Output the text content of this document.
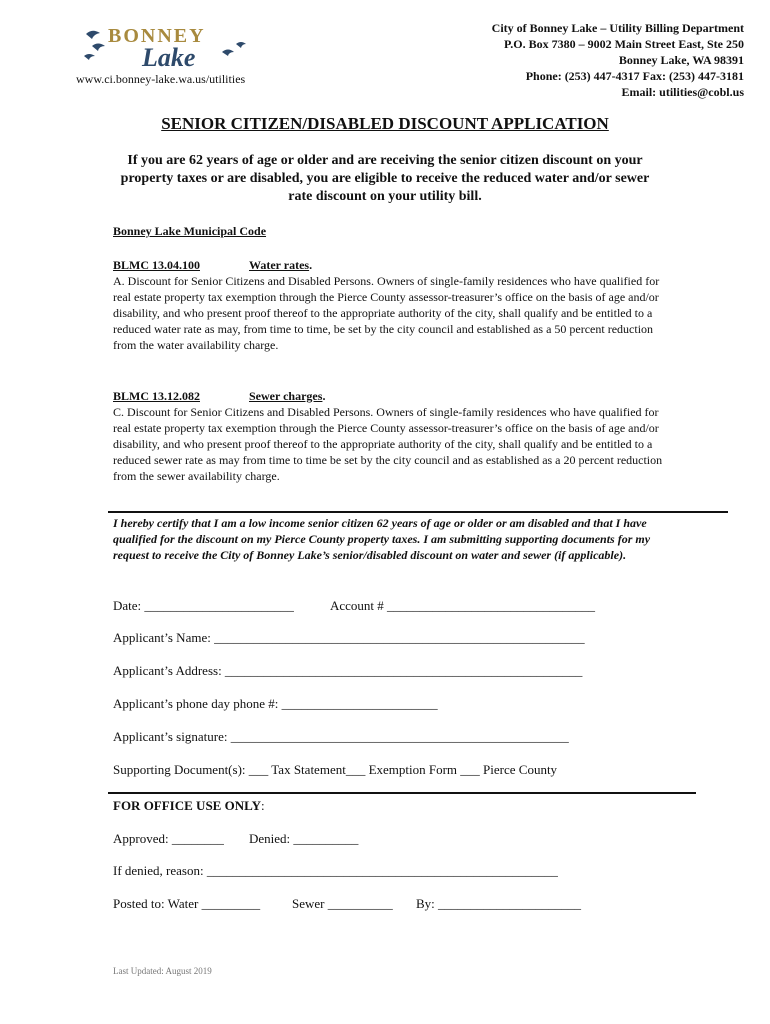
BONNEY
Lake
www.ci.bonney-lake.wa.us/utilities
City of Bonney Lake – Utility Billing Department
P.O. Box 7380 – 9002 Main Street East, Ste 250
Bonney Lake, WA 98391
Phone: (253) 447-4317 Fax: (253) 447-3181
Email: utilities@cobl.us
SENIOR CITIZEN/DISABLED DISCOUNT APPLICATION
If you are 62 years of age or older and are receiving the senior citizen discount on your property taxes or are disabled, you are eligible to receive the reduced water and/or sewer rate discount on your utility bill.
Bonney Lake Municipal Code
BLMC 13.04.100	Water rates.
A. Discount for Senior Citizens and Disabled Persons. Owners of single-family residences who have qualified for real estate property tax exemption through the Pierce County assessor-treasurer’s office on the basis of age and/or disability, and who present proof thereof to the appropriate authority of the city, shall qualify and be entitled to a reduced water rate as may, from time to time, be set by the city council and established as a 50 percent reduction from the water availability charge.
BLMC 13.12.082	Sewer charges.
C. Discount for Senior Citizens and Disabled Persons. Owners of single-family residences who have qualified for real estate property tax exemption through the Pierce County assessor-treasurer’s office on the basis of age and/or disability, and who present proof thereof to the appropriate authority of the city, shall qualify and be entitled to a reduced sewer rate as may from time to time be set by the city council and as established as a 20 percent reduction from the sewer availability charge.
I hereby certify that I am a low income senior citizen 62 years of age or older or am disabled and that I have qualified for the discount on my Pierce County property taxes. I am submitting supporting documents for my request to receive the City of Bonney Lake’s senior/disabled discount on water and sewer (if applicable).
Date: _______________________	Account # ________________________________
Applicant’s Name: _________________________________________________________
Applicant’s Address: _______________________________________________________
Applicant’s phone day phone #: ________________________
Applicant’s signature: ____________________________________________________
Supporting Document(s): ___ Tax Statement___ Exemption Form ___ Pierce County
FOR OFFICE USE ONLY:
Approved: ________ Denied: __________
If denied, reason: ______________________________________________________
Posted to: Water _________ Sewer __________ By: ______________________
Last Updated: August 2019
